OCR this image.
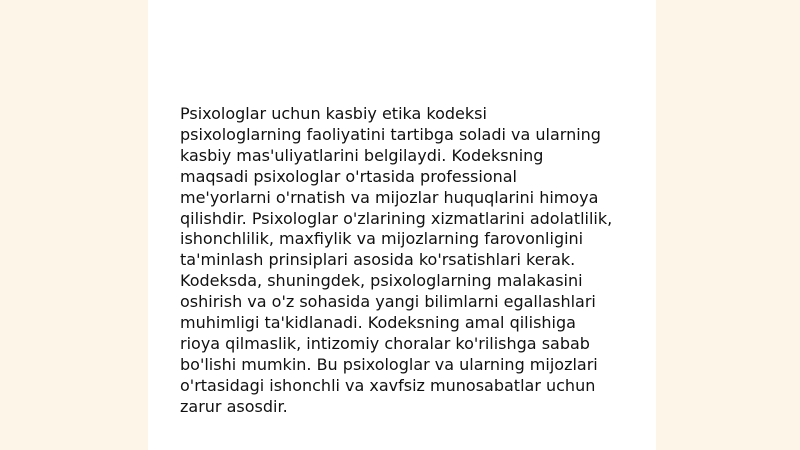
Psixologlar uchun kasbiy etika kodeksi
psixologlarning faoliyatini tartibga soladi va ularning
kasbiy mas'uliyatlarini belgilaydi. Kodeksning
maqsadi psixologlar o'rtasida professional
me'yorlarni o'rnatish va mijozlar huquqlarini himoya
qilishdir. Psixologlar o'zlarining xizmatlarini adolatlilik,
ishonchlilik, maxfiylik va mijozlarning farovonligini
ta'minlash prinsiplari asosida ko'rsatishlari kerak.
Kodeksda, shuningdek, psixologlarning malakasini
oshirish va o'z sohasida yangi bilimlarni egallashlari
muhimligi ta'kidlanadi. Kodeksning amal qilishiga
rioya qilmaslik, intizomiy choralar ko'rilishga sabab
bo'lishi mumkin. Bu psixologlar va ularning mijozlari
o'rtasidagi ishonchli va xavfsiz munosabatlar uchun
zarur asosdir.
